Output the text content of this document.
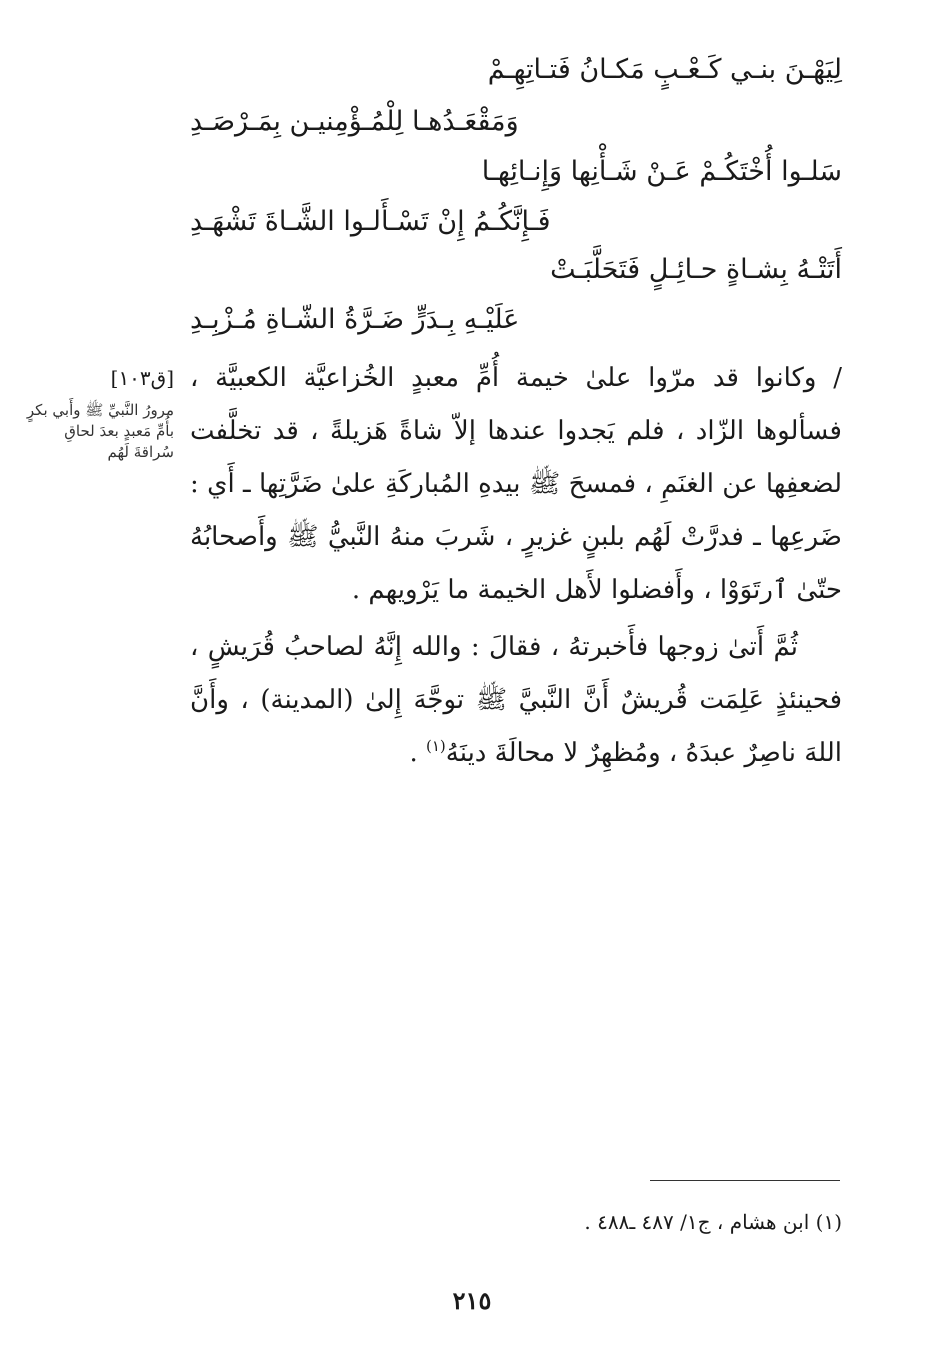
لِيَهْـنَ بنـي كَـعْـبٍ مَكـانُ فَتـاتِهِـمْ
وَمَقْعَـدُهـا لِلْمُـؤْمِنيـن بِمَـرْصَـدِ
سَلـوا أُخْتَكُـمْ عَـنْ شَـأْنِها وَإِنـائِهـا
فَـإِنَّكُـمُ إِنْ تَسْـأَلـوا الشَّـاةَ تَشْهَـدِ
أَتَتْـهُ بِشـاةٍ حـائِـلٍ فَتَحَلَّبَـتْ
عَلَيْـهِ بِـدَرٍّ ضَـرَّةُ الشّـاةِ مُـزْبِـدِ
[ق١٠٣]
مرورُ النَّبيِّ ﷺ وأَبي بكرٍ بأُمِّ مَعبدٍ بعدَ لحاقِ سُراقةَ لَهُم

/ وكانوا قد مرّوا علىٰ خيمة أُمِّ معبدٍ الخُزاعيَّة الكعبيَّة ، فسألوها الزّاد ، فلم يَجدوا عندها إلاّ شاةً هَزيلةً ، قد تخلَّفت لضعفِها عن الغنَمِ ، فمسحَ ﷺ بيدهِ المُباركَةِ علىٰ ضَرَّتِها ـ أَي : ضَرعِها ـ فدرَّتْ لَهُم بلبنٍ غزيرٍ ، شَربَ منهُ النَّبيُّ ﷺ وأَصحابُهُ حتّىٰ ٱرتَوَوْا ، وأَفضلوا لأَهل الخيمة ما يَرْويهم .

ثُمَّ أَتىٰ زوجها فأَخبرتهُ ، فقالَ : والله إِنَّهُ لصاحبُ قُرَيشٍ ، فحينئذٍ عَلِمَت قُريشٌ أَنَّ النَّبيَّ ﷺ توجَّهَ إِلىٰ (المدينة) ، وأَنَّ اللهَ ناصِرٌ عبدَهُ ، ومُظهِرٌ لا محالَةَ دينَهُ$^{(١)}$ .

(١) ابن هشام ، ج١/ ٤٨٧ ـ٤٨٨ .
٢١٥
